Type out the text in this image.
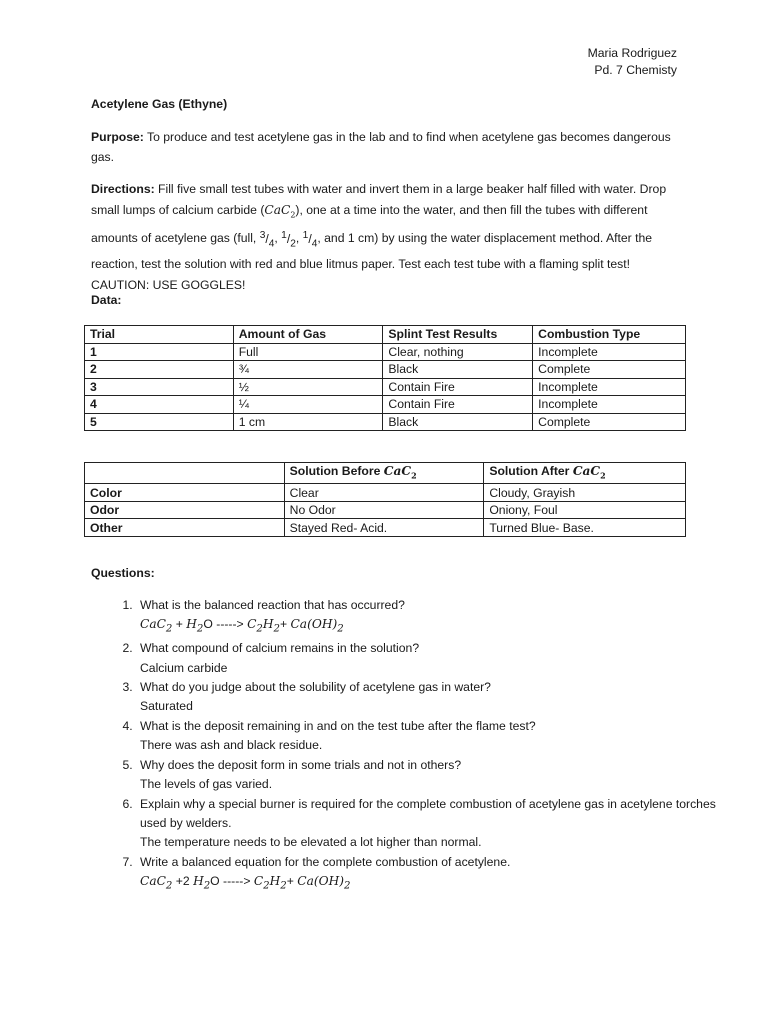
Maria Rodriguez
Pd. 7 Chemisty
Acetylene Gas (Ethyne)
Purpose: To produce and test acetylene gas in the lab and to find when acetylene gas becomes dangerous gas.
Directions: Fill five small test tubes with water and invert them in a large beaker half filled with water. Drop small lumps of calcium carbide (CaC$_2$), one at a time into the water, and then fill the tubes with different amounts of acetylene gas (full, $^3/_4$, $^1/_2$, $^1/_4$, and 1 cm) by using the water displacement method. After the reaction, test the solution with red and blue litmus paper. Test each test tube with a flaming split test! CAUTION: USE GOGGLES!
Data:
Trial	Amount of Gas	Splint Test Results	Combustion Type
1	Full	Clear, nothing	Incomplete
2	¾	Black	Complete
3	½	Contain Fire	Incomplete
4	¼	Contain Fire	Incomplete
5	1 cm	Black	Complete
	Solution Before CaC$_2$	Solution After CaC$_2$
Color	Clear	Cloudy, Grayish
Odor	No Odor	Oniony, Foul
Other	Stayed Red- Acid.	Turned Blue- Base.
Questions:
1. What is the balanced reaction that has occurred?
$CaC_2 + H_2O$ -----> $C_2H_2+ Ca(OH)_2$
2. What compound of calcium remains in the solution?
Calcium carbide
3. What do you judge about the solubility of acetylene gas in water?
Saturated
4. What is the deposit remaining in and on the test tube after the flame test?
There was ash and black residue.
5. Why does the deposit form in some trials and not in others?
The levels of gas varied.
6. Explain why a special burner is required for the complete combustion of acetylene gas in acetylene torches used by welders.
The temperature needs to be elevated a lot higher than normal.
7. Write a balanced equation for the complete combustion of acetylene.
CaC$_2$ +2 $H_2O$ -----> $C_2H_2+ Ca(OH)_2$
